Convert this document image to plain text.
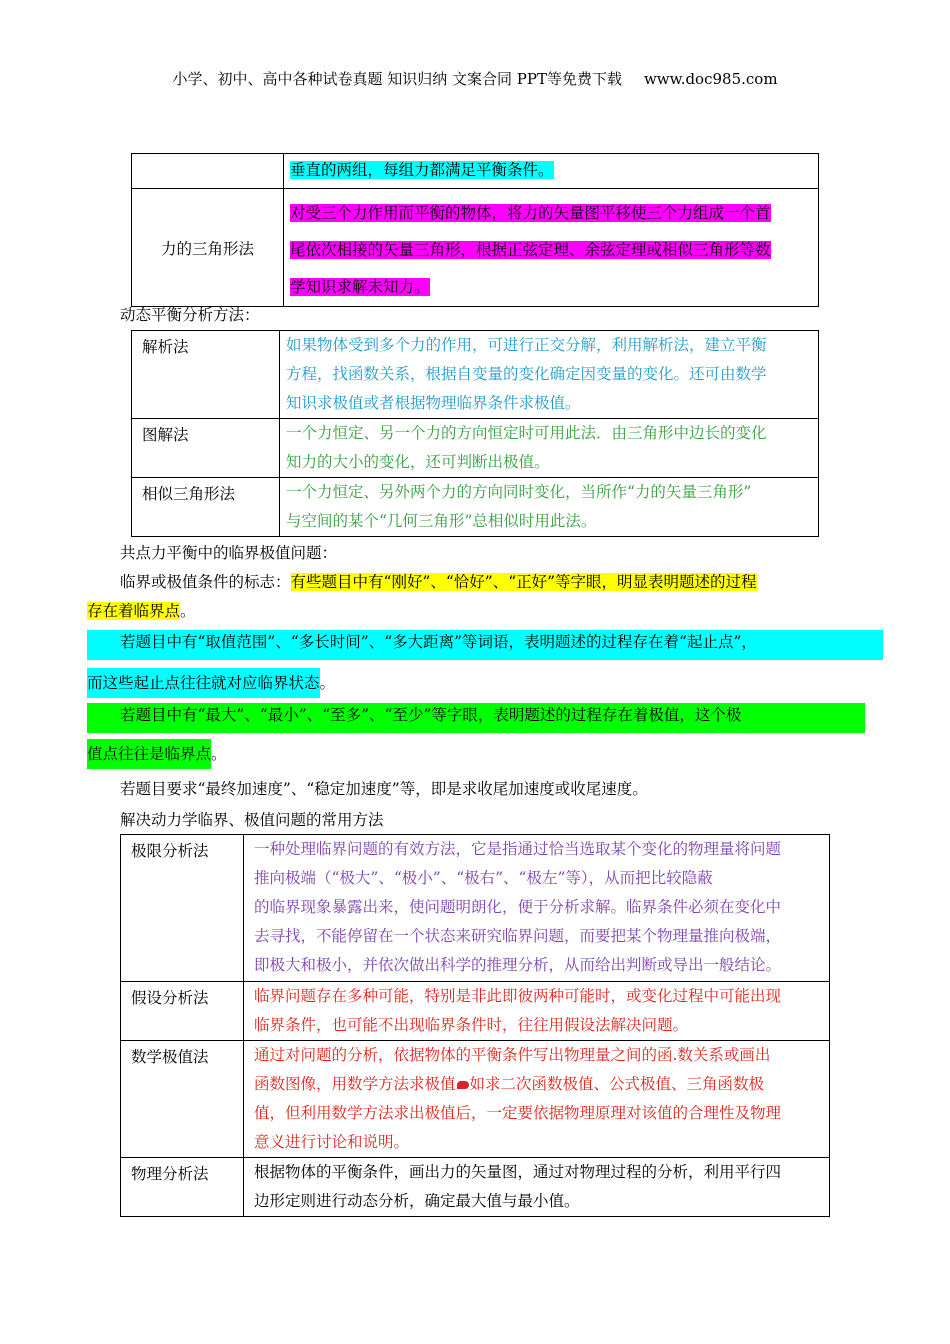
小学、初中、高中各种试卷真题 知识归纳 文案合同 PPT等免费下载 www.doc985.com

	垂直的两组，每组力都满足平衡条件。

力的三角形法	对受三个力作用而平衡的物体，将力的矢量图平移使三个力组成一个首
尾依次相接的矢量三角形，根据正弦定理、余弦定理或相似三角形等数
学知识求解未知力。
动态平衡分析方法：
解析法	如果物体受到多个力的作用，可进行正交分解，利用解析法，建立平衡
方程，找函数关系，根据自变量的变化确定因变量的变化。还可由数学
知识求极值或者根据物理临界条件求极值。

图解法	一个力恒定、另一个力的方向恒定时可用此法．由三角形中边长的变化
知力的大小的变化，还可判断出极值。

相似三角形法	一个力恒定、另外两个力的方向同时变化，当所作“力的矢量三角形”
与空间的某个“几何三角形”总相似时用此法。
共点力平衡中的临界极值问题：
临界或极值条件的标志：有些题目中有“刚好”、“恰好”、“正好”等字眼，明显表明题述的过程
存在着临界点。
若题目中有“取值范围”、“多长时间”、“多大距离”等词语，表明题述的过程存在着“起止点”，
而这些起止点往往就对应临界状态。
若题目中有“最大”、“最小”、“至多”、“至少”等字眼，表明题述的过程存在着极值，这个极
值点往往是临界点。
若题目要求“最终加速度”、“稳定加速度”等，即是求收尾加速度或收尾速度。
解决动力学临界、极值问题的常用方法
极限分析法	一种处理临界问题的有效方法，它是指通过恰当选取某个变化的物理量将问题
推向极端（“极大”、“极小”、“极右”、“极左”等），从而把比较隐蔽
的临界现象暴露出来，使问题明朗化，便于分析求解。临界条件必须在变化中
去寻找，不能停留在一个状态来研究临界问题，而要把某个物理量推向极端，
即极大和极小，并依次做出科学的推理分析，从而给出判断或导出一般结论。

假设分析法	临界问题存在多种可能，特别是非此即彼两种可能时，或变化过程中可能出现
临界条件，也可能不出现临界条件时，往往用假设法解决问题。

数学极值法	通过对问题的分析，依据物体的平衡条件写出物理量之间的函.数关系或画出
函数图像，用数学方法求极值 如求二次函数极值、公式极值、三角函数极
值，但利用数学方法求出极值后，一定要依据物理原理对该值的合理性及物理
意义进行讨论和说明。

物理分析法	根据物体的平衡条件，画出力的矢量图，通过对物理过程的分析，利用平行四
边形定则进行动态分析，确定最大值与最小值。
